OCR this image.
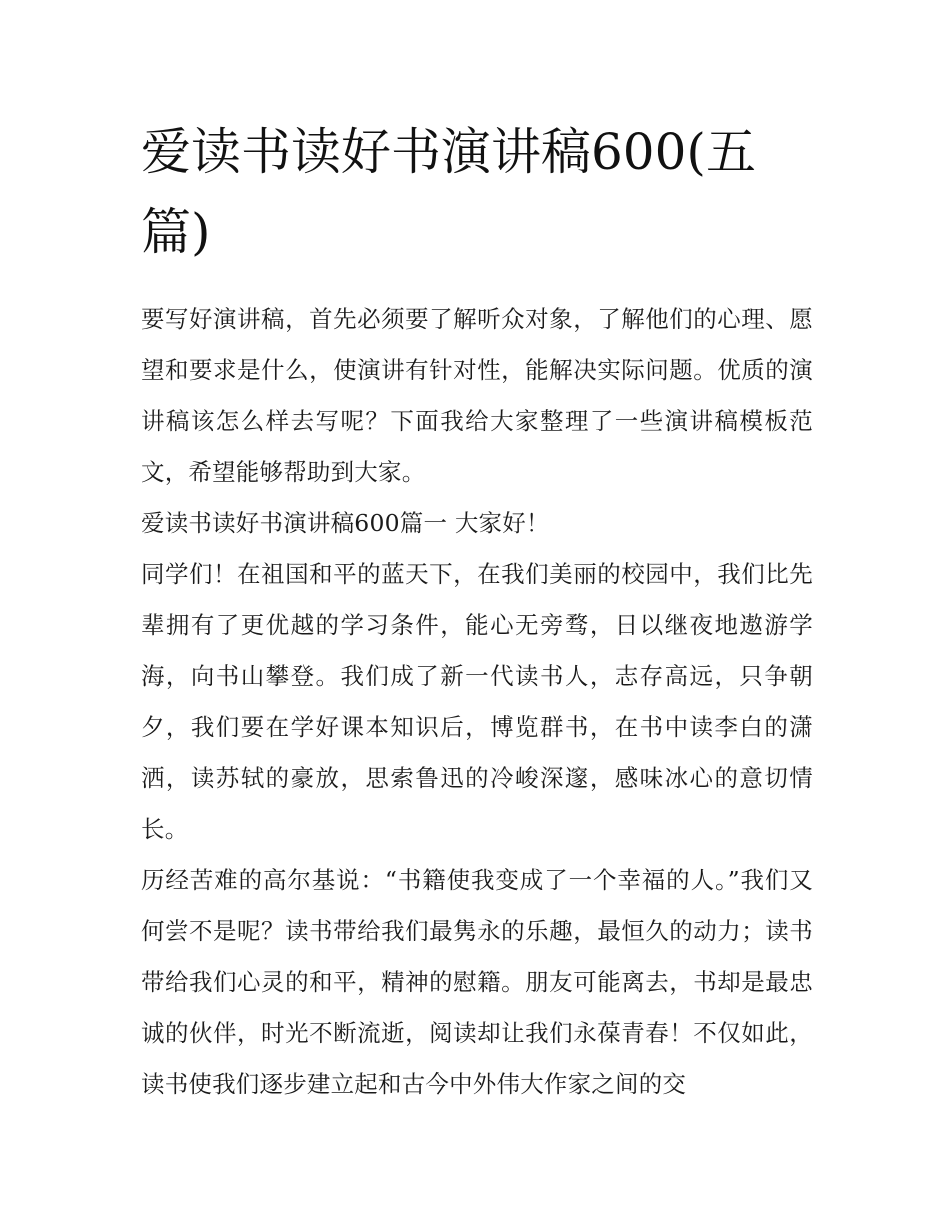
爱读书读好书演讲稿600(五篇)

要写好演讲稿，首先必须要了解听众对象，了解他们的心理、愿望和要求是什么，使演讲有针对性，能解决实际问题。优质的演讲稿该怎么样去写呢？下面我给大家整理了一些演讲稿模板范文，希望能够帮助到大家。

爱读书读好书演讲稿600篇一 大家好！

同学们！在祖国和平的蓝天下，在我们美丽的校园中，我们比先辈拥有了更优越的学习条件，能心无旁骛，日以继夜地遨游学海，向书山攀登。我们成了新一代读书人，志存高远，只争朝夕，我们要在学好课本知识后，博览群书，在书中读李白的潇洒，读苏轼的豪放，思索鲁迅的冷峻深邃，感味冰心的意切情长。

历经苦难的高尔基说：“书籍使我变成了一个幸福的人。”我们又何尝不是呢？读书带给我们最隽永的乐趣，最恒久的动力；读书带给我们心灵的和平，精神的慰籍。朋友可能离去，书却是最忠诚的伙伴，时光不断流逝，阅读却让我们永葆青春！不仅如此，读书使我们逐步建立起和古今中外伟大作家之间的交
